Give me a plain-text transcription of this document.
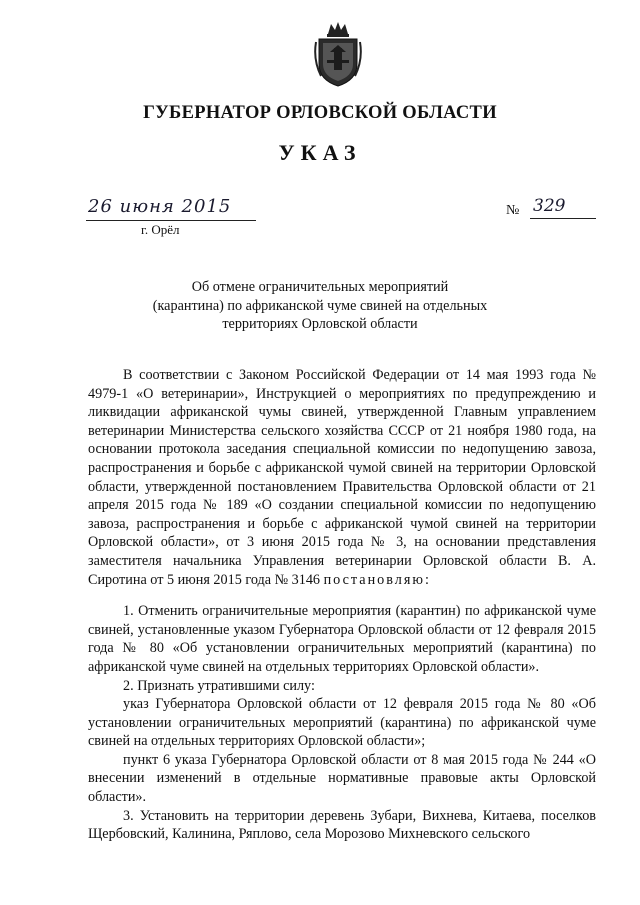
ГУБЕРНАТОР ОРЛОВСКОЙ ОБЛАСТИ
УКАЗ
26 июня 2015
г. Орёл
№ 329
Об отмене ограничительных мероприятий
(карантина) по африканской чуме свиней на отдельных
территориях Орловской области

В соответствии с Законом Российской Федерации от 14 мая 1993 года № 4979-1 «О ветеринарии», Инструкцией о мероприятиях по предупреждению и ликвидации африканской чумы свиней, утвержденной Главным управлением ветеринарии Министерства сельского хозяйства СССР от 21 ноября 1980 года, на основании протокола заседания специальной комиссии по недопущению завоза, распространения и борьбе с африканской чумой свиней на территории Орловской области, утвержденной постановлением Правительства Орловской области от 21 апреля 2015 года № 189 «О создании специальной комиссии по недопущению завоза, распространения и борьбе с африканской чумой свиней на территории Орловской области», от 3 июня 2015 года № 3, на основании представления заместителя начальника Управления ветеринарии Орловской области В. А. Сиротина от 5 июня 2015 года № 3146 постановляю:

1. Отменить ограничительные мероприятия (карантин) по африканской чуме свиней, установленные указом Губернатора Орловской области от 12 февраля 2015 года № 80 «Об установлении ограничительных мероприятий (карантина) по африканской чуме свиней на отдельных территориях Орловской области».

2. Признать утратившими силу:

указ Губернатора Орловской области от 12 февраля 2015 года № 80 «Об установлении ограничительных мероприятий (карантина) по африканской чуме свиней на отдельных территориях Орловской области»;

пункт 6 указа Губернатора Орловской области от 8 мая 2015 года № 244 «О внесении изменений в отдельные нормативные правовые акты Орловской области».

3. Установить на территории деревень Зубари, Вихнева, Китаева, поселков Щербовский, Калинина, Ряплово, села Морозово Михневского сельского
